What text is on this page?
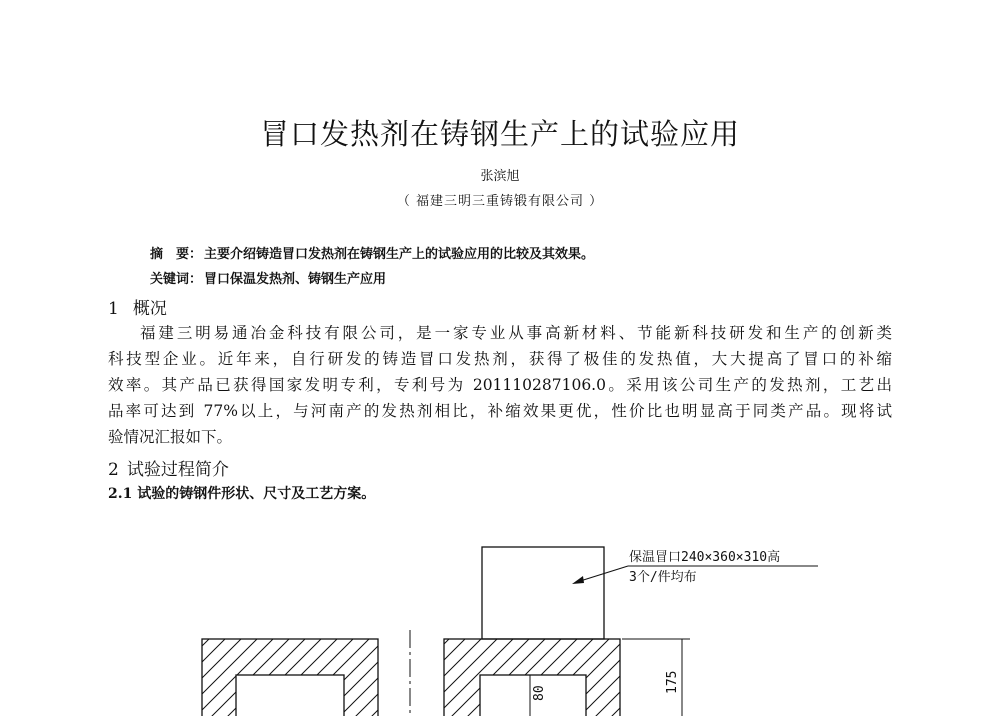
冒口发热剂在铸钢生产上的试验应用
张滨旭
（ 福建三明三重铸锻有限公司 ）
摘　要： 主要介绍铸造冒口发热剂在铸钢生产上的试验应用的比较及其效果。
关键词： 冒口保温发热剂、铸钢生产应用
1 概况
福建三明易通冶金科技有限公司，是一家专业从事高新材料、节能新科技研发和生产的创新类
科技型企业。近年来，自行研发的铸造冒口发热剂，获得了极佳的发热值，大大提高了冒口的补缩
效率。其产品已获得国家发明专利，专利号为 201110287106.0。采用该公司生产的发热剂，工艺出
品率可达到 77%以上，与河南产的发热剂相比，补缩效果更优，性价比也明显高于同类产品。现将试
验情况汇报如下。
2 试验过程简介
2.1 试验的铸钢件形状、尺寸及工艺方案。
保温冒口240×360×310高
3个/件均布
175
80
